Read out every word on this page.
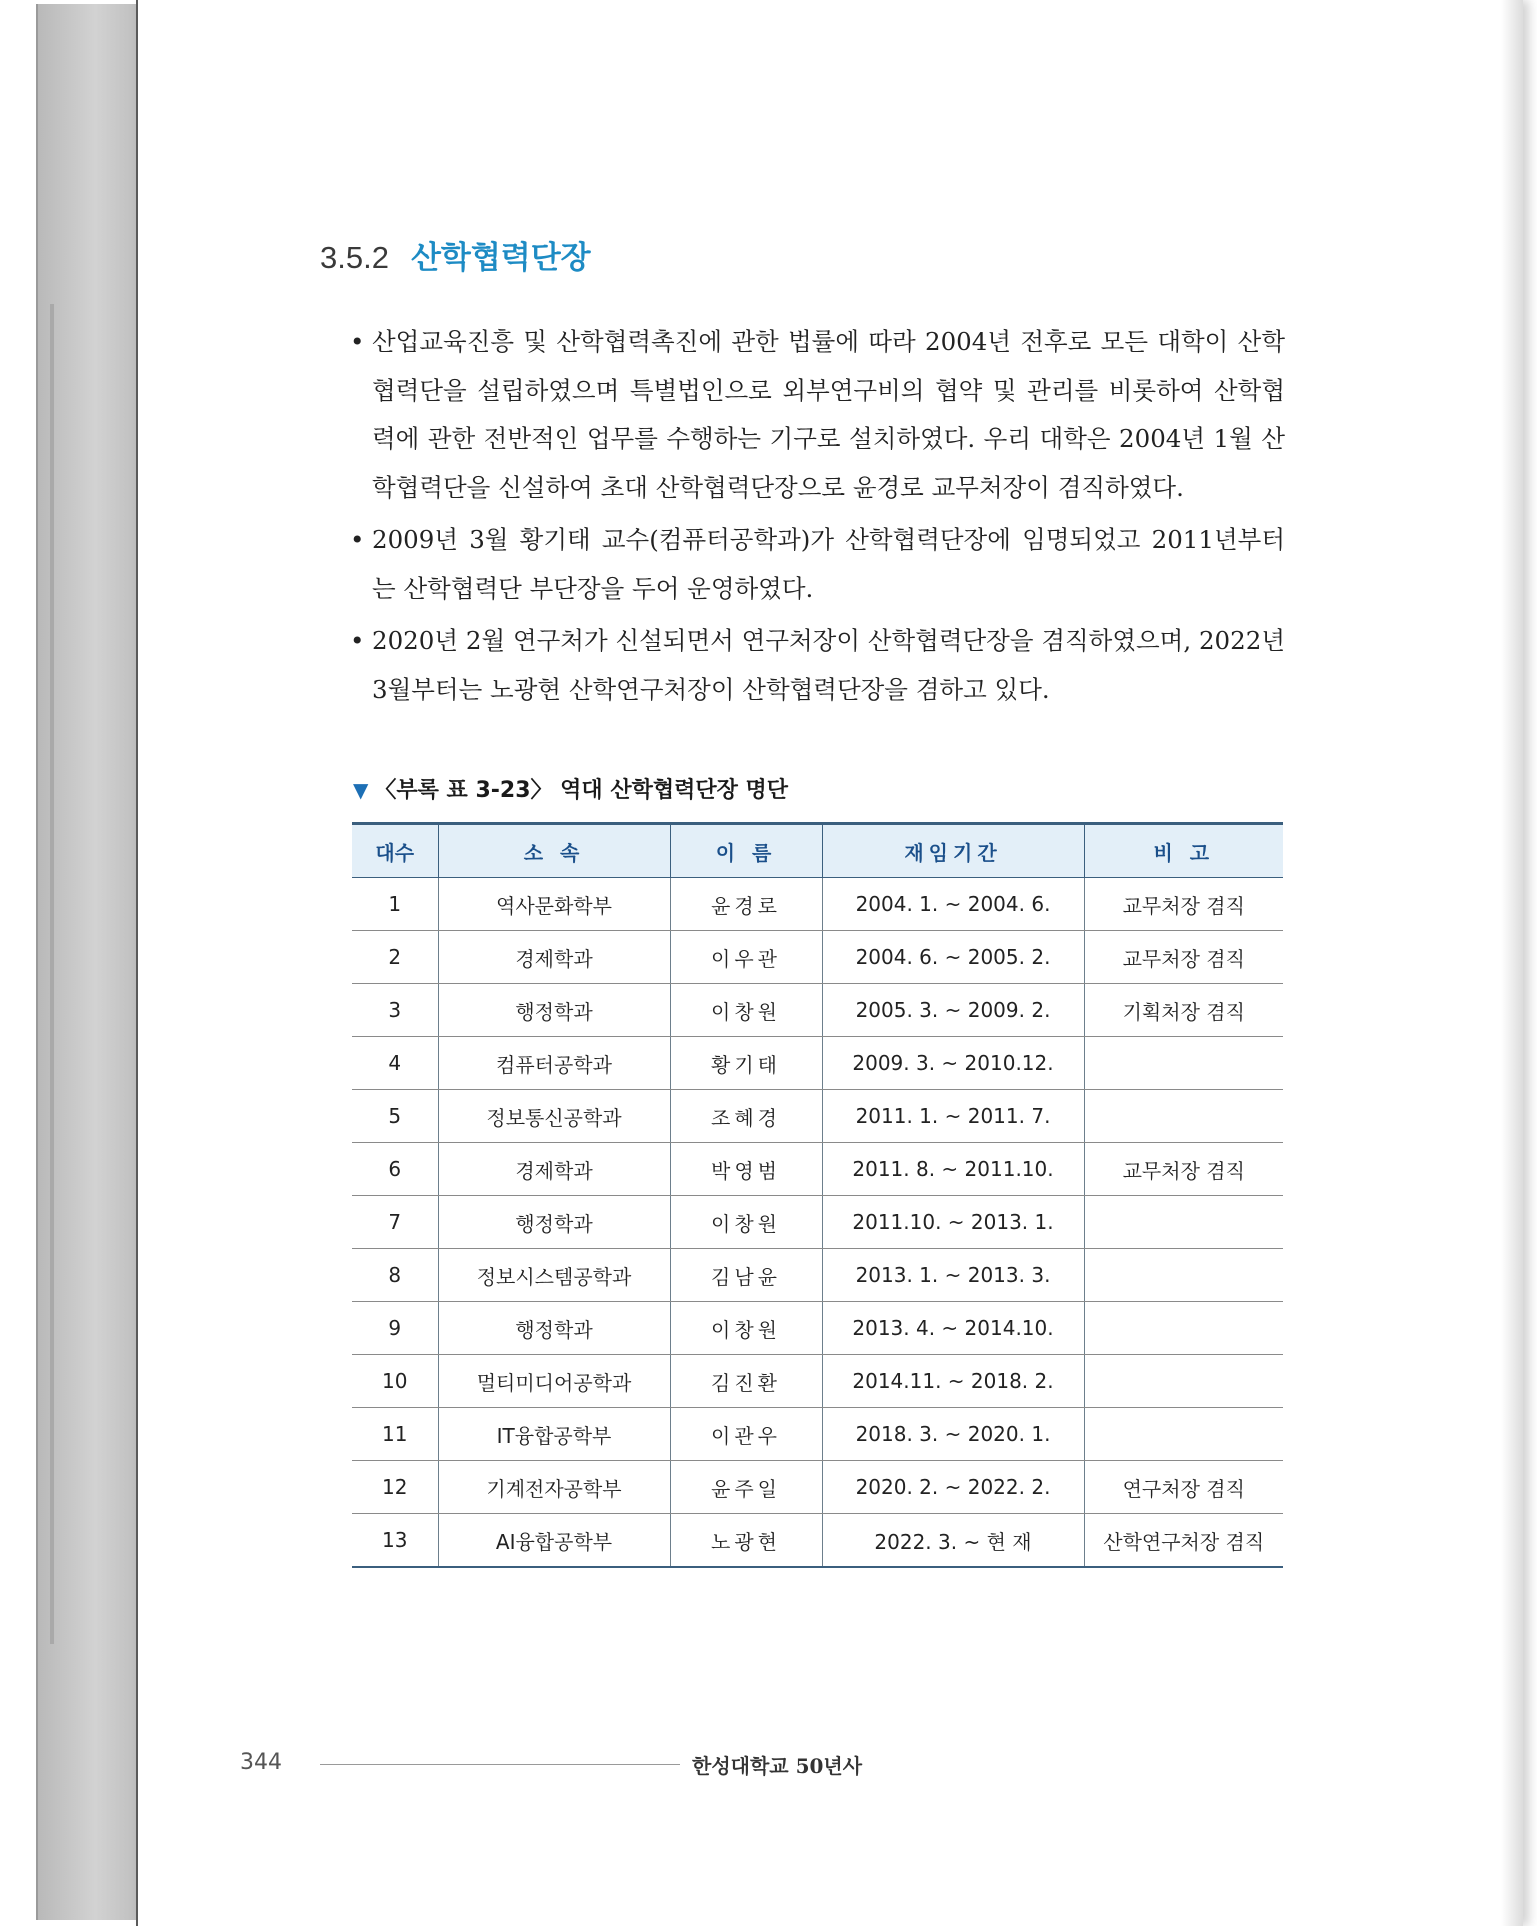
3.5.2 산학협력단장
• 산업교육진흥 및 산학협력촉진에 관한 법률에 따라 2004년 전후로 모든 대학이 산학협력단을 설립하였으며 특별법인으로 외부연구비의 협약 및 관리를 비롯하여 산학협력에 관한 전반적인 업무를 수행하는 기구로 설치하였다. 우리 대학은 2004년 1월 산학협력단을 신설하여 초대 산학협력단장으로 윤경로 교무처장이 겸직하였다.
• 2009년 3월 황기태 교수(컴퓨터공학과)가 산학협력단장에 임명되었고 2011년부터는 산학협력단 부단장을 두어 운영하였다.
• 2020년 2월 연구처가 신설되면서 연구처장이 산학협력단장을 겸직하였으며, 2022년 3월부터는 노광현 산학연구처장이 산학협력단장을 겸하고 있다.
▼ 〈부록 표 3-23〉 역대 산학협력단장 명단
대수	소 속	이 름	재임기간	비 고
1	역사문화학부	윤경로	2004. 1. ~ 2004. 6.	교무처장 겸직
2	경제학과	이우관	2004. 6. ~ 2005. 2.	교무처장 겸직
3	행정학과	이창원	2005. 3. ~ 2009. 2.	기획처장 겸직
4	컴퓨터공학과	황기태	2009. 3. ~ 2010.12.	
5	정보통신공학과	조혜경	2011. 1. ~ 2011. 7.	
6	경제학과	박영범	2011. 8. ~ 2011.10.	교무처장 겸직
7	행정학과	이창원	2011.10. ~ 2013. 1.	
8	정보시스템공학과	김남윤	2013. 1. ~ 2013. 3.	
9	행정학과	이창원	2013. 4. ~ 2014.10.	
10	멀티미디어공학과	김진환	2014.11. ~ 2018. 2.	
11	IT융합공학부	이관우	2018. 3. ~ 2020. 1.	
12	기계전자공학부	윤주일	2020. 2. ~ 2022. 2.	연구처장 겸직
13	AI융합공학부	노광현	2022. 3. ~ 현 재	산학연구처장 겸직
344	한성대학교 50년사
